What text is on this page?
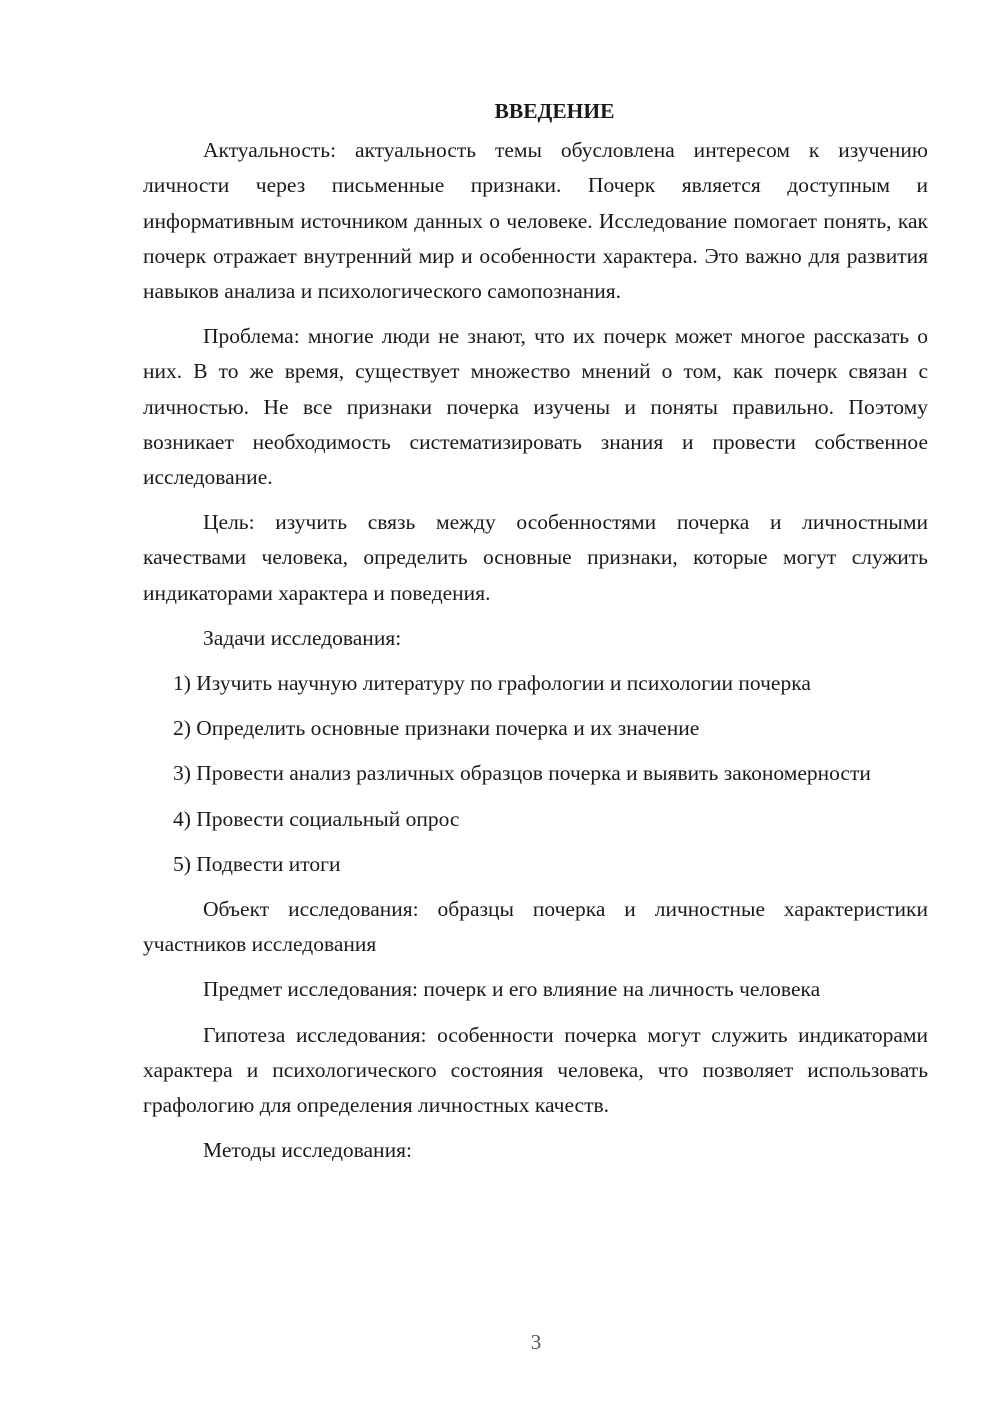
ВВЕДЕНИЕ

Актуальность: актуальность темы обусловлена интересом к изучению личности через письменные признаки. Почерк является доступным и информативным источником данных о человеке. Исследование помогает понять, как почерк отражает внутренний мир и особенности характера. Это важно для развития навыков анализа и психологического самопознания.

Проблема: многие люди не знают, что их почерк может многое рассказать о них. В то же время, существует множество мнений о том, как почерк связан с личностью. Не все признаки почерка изучены и поняты правильно. Поэтому возникает необходимость систематизировать знания и провести собственное исследование.

Цель: изучить связь между особенностями почерка и личностными качествами человека, определить основные признаки, которые могут служить индикаторами характера и поведения.

Задачи исследования:

1) Изучить научную литературу по графологии и психологии почерка

2) Определить основные признаки почерка и их значение

3) Провести анализ различных образцов почерка и выявить закономерности

4) Провести социальный опрос

5) Подвести итоги

Объект исследования: образцы почерка и личностные характеристики участников исследования

Предмет исследования: почерк и его влияние на личность человека

Гипотеза исследования: особенности почерка могут служить индикаторами характера и психологического состояния человека, что позволяет использовать графологию для определения личностных качеств.

Методы исследования:

3
